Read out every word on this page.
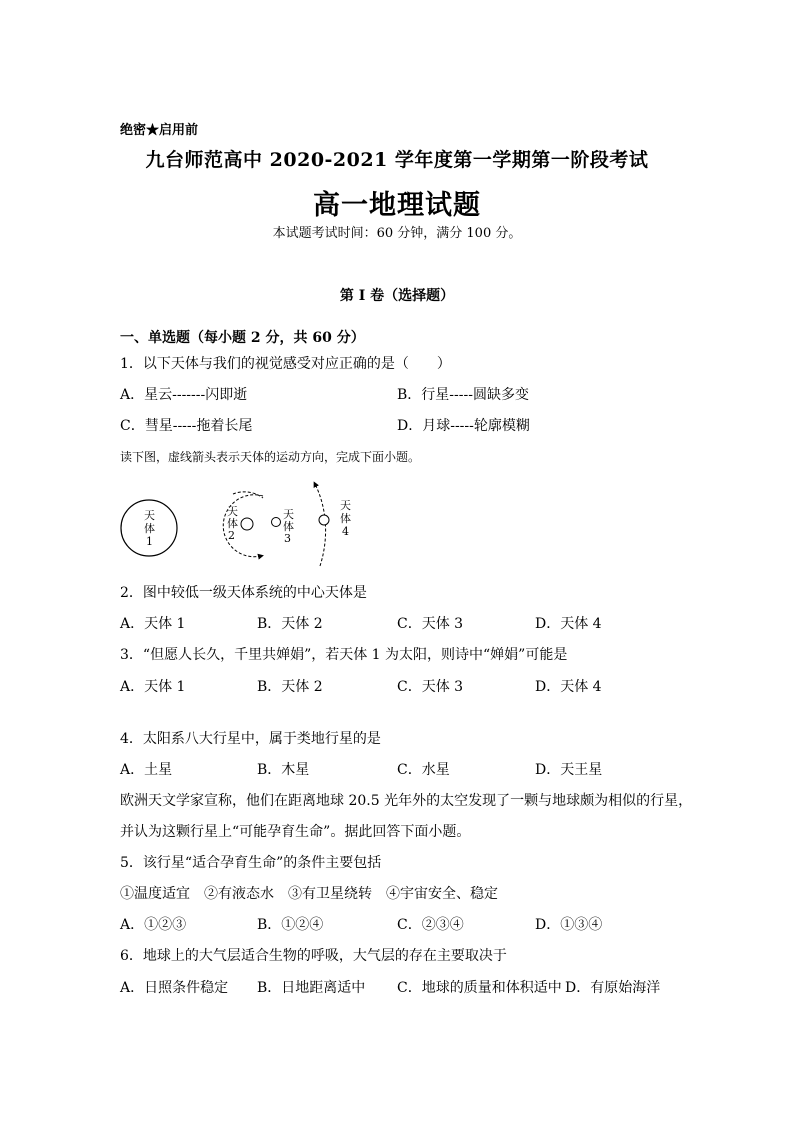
绝密★启用前
九台师范高中 2020-2021 学年度第一学期第一阶段考试
高一地理试题
本试题考试时间：60 分钟，满分 100 分。
第 I 卷（选择题）
一、单选题（每小题 2 分，共 60 分）
1．以下天体与我们的视觉感受对应正确的是（　　）
A．星云-------闪即逝	B．行星-----圆缺多变
C．彗星-----拖着长尾	D．月球-----轮廓模糊
读下图，虚线箭头表示天体的运动方向，完成下面小题。
天
体
1
天
体
2
天
体
3
天
体
4
2．图中较低一级天体系统的中心天体是
A．天体 1	B．天体 2	C．天体 3	D．天体 4
3．“但愿人长久，千里共婵娟”，若天体 1 为太阳，则诗中“婵娟”可能是
A．天体 1	B．天体 2	C．天体 3	D．天体 4
4．太阳系八大行星中，属于类地行星的是
A．土星	B．木星	C．水星	D．天王星
欧洲天文学家宣称，他们在距离地球 20.5 光年外的太空发现了一颗与地球颇为相似的行星，
并认为这颗行星上“可能孕育生命”。据此回答下面小题。
5．该行星“适合孕育生命”的条件主要包括
①温度适宜　②有液态水　③有卫星绕转　④宇宙安全、稳定
A．①②③	B．①②④	C．②③④	D．①③④
6．地球上的大气层适合生物的呼吸，大气层的存在主要取决于
A．日照条件稳定 B．日地距离适中 C．地球的质量和体积适中 D．有原始海洋
